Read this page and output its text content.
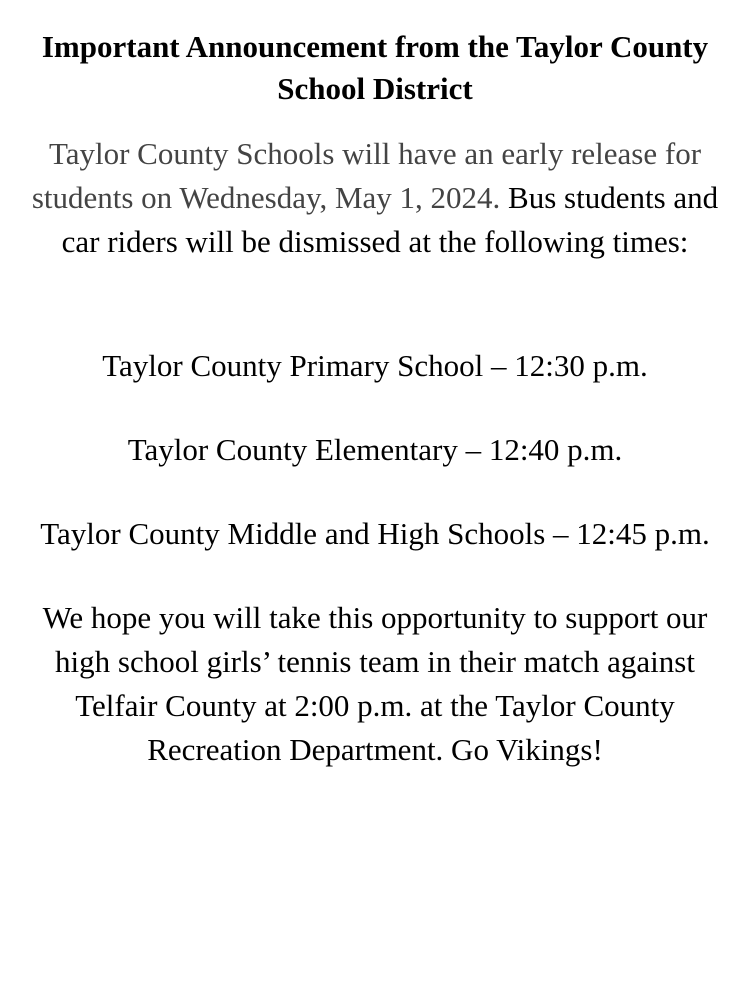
Important Announcement from the Taylor County School District

Taylor County Schools will have an early release for students on Wednesday, May 1, 2024. Bus students and car riders will be dismissed at the following times:

Taylor County Primary School – 12:30 p.m.

Taylor County Elementary – 12:40 p.m.

Taylor County Middle and High Schools – 12:45 p.m.

We hope you will take this opportunity to support our high school girls’ tennis team in their match against Telfair County at 2:00 p.m. at the Taylor County Recreation Department. Go Vikings!
